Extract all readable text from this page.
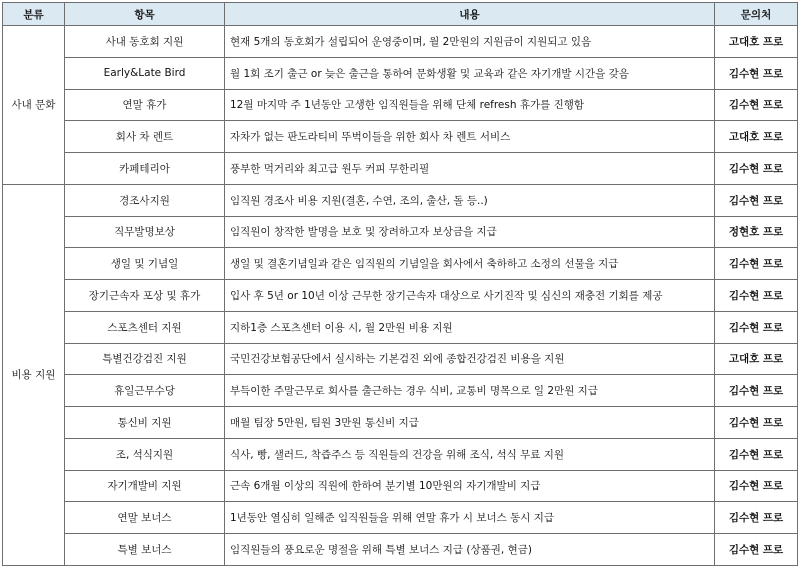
분류	항목	내용	문의처
사내 문화	사내 동호회 지원	현재 5개의 동호회가 설립되어 운영중이며, 월 2만원의 지원금이 지원되고 있음	고대호 프로
	Early&Late Bird	월 1회 조기 출근 or 늦은 출근을 통하여 문화생활 및 교육과 같은 자기개발 시간을 갖음	김수현 프로
	연말 휴가	12월 마지막 주 1년동안 고생한 임직원들을 위해 단체 refresh 휴가를 진행함	김수현 프로
	회사 차 렌트	자차가 없는 판도라티비 뚜벅이들을 위한 회사 차 렌트 서비스	고대호 프로
	카페테리아	풍부한 먹거리와 최고급 원두 커피 무한리필	김수현 프로
비용 지원	경조사지원	임직원 경조사 비용 지원(결혼, 수연, 조의, 출산, 돌 등..)	김수현 프로
	직무발명보상	임직원이 창작한 발명을 보호 및 장려하고자 보상금을 지급	정현호 프로
	생일 및 기념일	생일 및 결혼기념일과 같은 임직원의 기념일을 회사에서 축하하고 소정의 선물을 지급	김수현 프로
	장기근속자 포상 및 휴가	입사 후 5년 or 10년 이상 근무한 장기근속자 대상으로 사기진작 및 심신의 재충전 기회를 제공	김수현 프로
	스포츠센터 지원	지하1층 스포츠센터 이용 시, 월 2만원 비용 지원	김수현 프로
	특별건강검진 지원	국민건강보험공단에서 실시하는 기본검진 외에 종합건강검진 비용을 지원	고대호 프로
	휴일근무수당	부득이한 주말근무로 회사를 출근하는 경우 식비, 교통비 명목으로 일 2만원 지급	김수현 프로
	통신비 지원	매월 팀장 5만원, 팀원 3만원 통신비 지급	김수현 프로
	조, 석식지원	식사, 빵, 샐러드, 착즙주스 등 직원들의 건강을 위해 조식, 석식 무료 지원	김수현 프로
	자기개발비 지원	근속 6개월 이상의 직원에 한하여 분기별 10만원의 자기개발비 지급	김수현 프로
	연말 보너스	1년동안 열심히 일해준 임직원들을 위해 연말 휴가 시 보너스 동시 지급	김수현 프로
	특별 보너스	임직원들의 풍요로운 명절을 위해 특별 보너스 지급 (상품권, 현금)	김수현 프로
